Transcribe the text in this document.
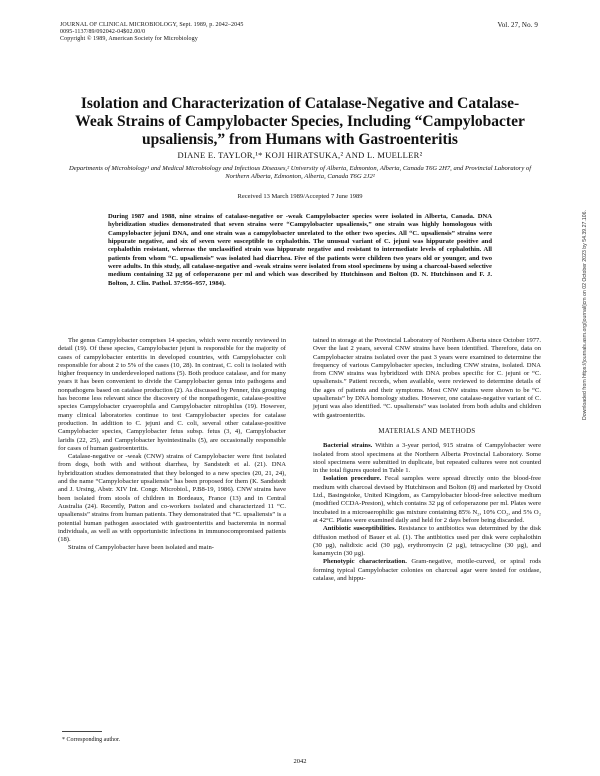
JOURNAL OF CLINICAL MICROBIOLOGY, Sept. 1989, p. 2042–2045
0095-1137/89/092042-04$02.00/0
Copyright © 1989, American Society for Microbiology
Vol. 27, No. 9
Isolation and Characterization of Catalase-Negative and Catalase-Weak Strains of Campylobacter Species, Including “Campylobacter upsaliensis,” from Humans with Gastroenteritis
DIANE E. TAYLOR,¹* KOJI HIRATSUKA,² AND L. MUELLER²
Departments of Microbiology¹ and Medical Microbiology and Infectious Diseases,² University of Alberta, Edmonton, Alberta, Canada T6G 2H7, and Provincial Laboratory of Northern Alberta, Edmonton, Alberta, Canada T6G 2J2²
Received 13 March 1989/Accepted 7 June 1989
During 1987 and 1988, nine strains of catalase-negative or -weak Campylobacter species were isolated in Alberta, Canada. DNA hybridization studies demonstrated that seven strains were “Campylobacter upsaliensis,” one strain was highly homologous with Campylobacter jejuni DNA, and one strain was a campylobacter unrelated to the other two species. All “C. upsaliensis” strains were hippurate negative, and six of seven were susceptible to cephalothin. The unusual variant of C. jejuni was hippurate positive and cephalothin resistant, whereas the unclassified strain was hippurate negative and resistant to intermediate levels of cephalothin. All patients from whom “C. upsaliensis” was isolated had diarrhea. Five of the patients were children two years old or younger, and two were adults. In this study, all catalase-negative and -weak strains were isolated from stool specimens by using a charcoal-based selective medium containing 32 µg of cefoperazone per ml and which was described by Hutchinson and Bolton (D. N. Hutchinson and F. J. Bolton, J. Clin. Pathol. 37:956–957, 1984).

The genus Campylobacter comprises 14 species, which were recently reviewed in detail (19). Of these species, Campylobacter jejuni is responsible for the majority of cases of campylobacter enteritis in developed countries, with Campylobacter coli responsible for about 2 to 5% of the cases (10, 28). In contrast, C. coli is isolated with higher frequency in underdeveloped nations (5). Both produce catalase, and for many years it has been convenient to divide the Campylobacter genus into pathogens and nonpathogens based on catalase production (2). As discussed by Penner, this grouping has become less relevant since the discovery of the nonpathogenic, catalase-positive species Campylobacter cryaerophila and Campylobacter nitrophilus (19). However, many clinical laboratories continue to test Campylobacter species for catalase production. In addition to C. jejuni and C. coli, several other catalase-positive Campylobacter species, Campylobacter fetus subsp. fetus (3, 4), Campylobacter laridis (22, 25), and Campylobacter hyointestinalis (5), are occasionally responsible for cases of human gastroenteritis.

Catalase-negative or -weak (CNW) strains of Campylobacter were first isolated from dogs, both with and without diarrhea, by Sandstedt et al. (21). DNA hybridization studies demonstrated that they belonged to a new species (20, 21, 24), and the name “Campylobacter upsaliensis” has been proposed for them (K. Sandstedt and J. Ursing, Abstr. XIV Int. Congr. Microbiol., P.B8-19, 1986). CNW strains have been isolated from stools of children in Bordeaux, France (13) and in Central Australia (24). Recently, Patton and co-workers isolated and characterized 11 “C. upsaliensis” strains from human patients. They demonstrated that “C. upsaliensis” is a potential human pathogen associated with gastroenteritis and bacteremia in normal individuals, as well as with opportunistic infections in immunocompromised patients (18).

Strains of Campylobacter have been isolated and main-

tained in storage at the Provincial Laboratory of Northern Alberta since October 1977. Over the last 2 years, several CNW strains have been identified. Therefore, data on Campylobacter strains isolated over the past 3 years were examined to determine the frequency of various Campylobacter species, including CNW strains, isolated. DNA from CNW strains was hybridized with DNA probes specific for C. jejuni or “C. upsaliensis.” Patient records, when available, were reviewed to determine details of the ages of patients and their symptoms. Most CNW strains were shown to be “C. upsaliensis” by DNA homology studies. However, one catalase-negative variant of C. jejuni was also identified. “C. upsaliensis” was isolated from both adults and children with gastroenteritis.

MATERIALS AND METHODS

Bacterial strains. Within a 3-year period, 915 strains of Campylobacter were isolated from stool specimens at the Northern Alberta Provincial Laboratory. Some stool specimens were submitted in duplicate, but repeated cultures were not counted in the total figures quoted in Table 1.

Isolation procedure. Fecal samples were spread directly onto the blood-free medium with charcoal devised by Hutchinson and Bolton (8) and marketed by Oxoid Ltd., Basingstoke, United Kingdom, as Campylobacter blood-free selective medium (modified CCDA-Preston), which contains 32 µg of cefoperazone per ml. Plates were incubated in a microaerophilic gas mixture containing 85% N₂, 10% CO₂, and 5% O₂ at 42°C. Plates were examined daily and held for 2 days before being discarded.

Antibiotic susceptibilities. Resistance to antibiotics was determined by the disk diffusion method of Bauer et al. (1). The antibiotics used per disk were cephalothin (30 µg), nalidixic acid (30 µg), erythromycin (2 µg), tetracycline (30 µg), and kanamycin (30 µg).

Phenotypic characterization. Gram-negative, motile-curved, or spiral rods forming typical Campylobacter colonies on charcoal agar were tested for oxidase, catalase, and hippu-

* Corresponding author.
2042
Downloaded from https://journals.asm.org/journal/jcm on 02 October 2023 by 54.39.27.106.
